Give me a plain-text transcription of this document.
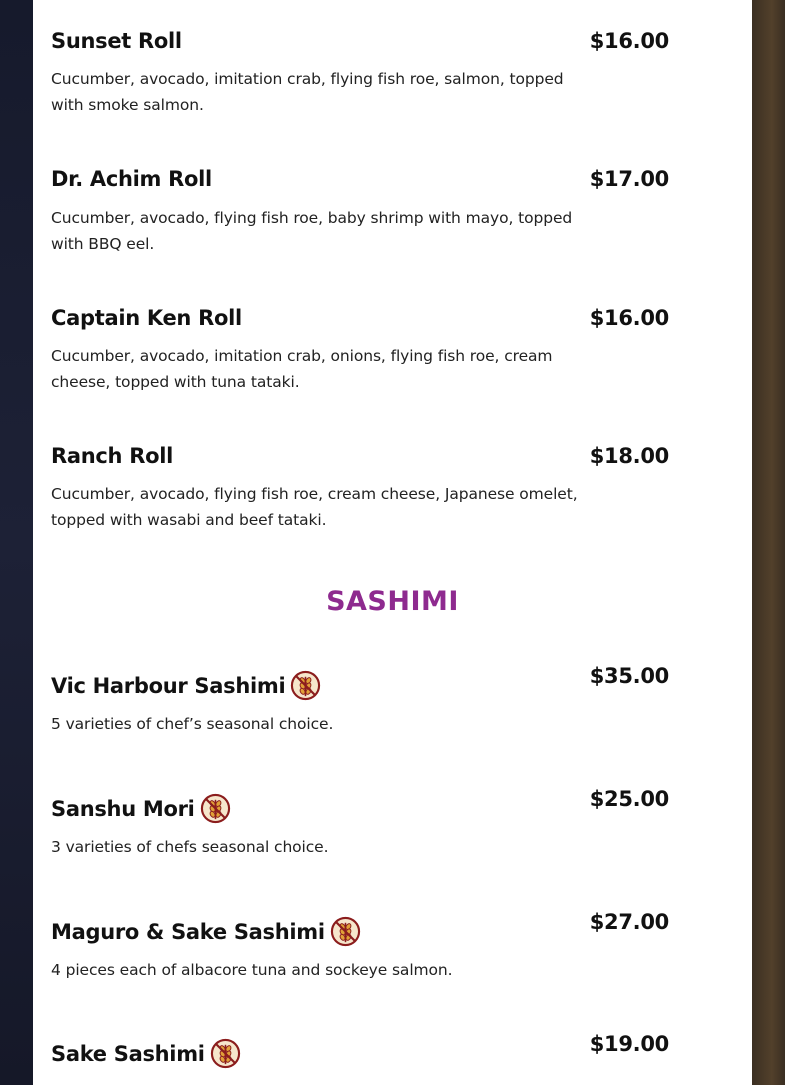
Sunset Roll	$16.00
Cucumber, avocado, imitation crab, flying fish roe, salmon, topped with smoke salmon.
Dr. Achim Roll	$17.00
Cucumber, avocado, flying fish roe, baby shrimp with mayo, topped with BBQ eel.
Captain Ken Roll	$16.00
Cucumber, avocado, imitation crab, onions, flying fish roe, cream cheese, topped with tuna tataki.
Ranch Roll	$18.00
Cucumber, avocado, flying fish roe, cream cheese, Japanese omelet, topped with wasabi and beef tataki.
SASHIMI
Vic Harbour Sashimi	$35.00
5 varieties of chef’s seasonal choice.
Sanshu Mori	$25.00
3 varieties of chefs seasonal choice.
Maguro & Sake Sashimi	$27.00
4 pieces each of albacore tuna and sockeye salmon.
Sake Sashimi	$19.00
